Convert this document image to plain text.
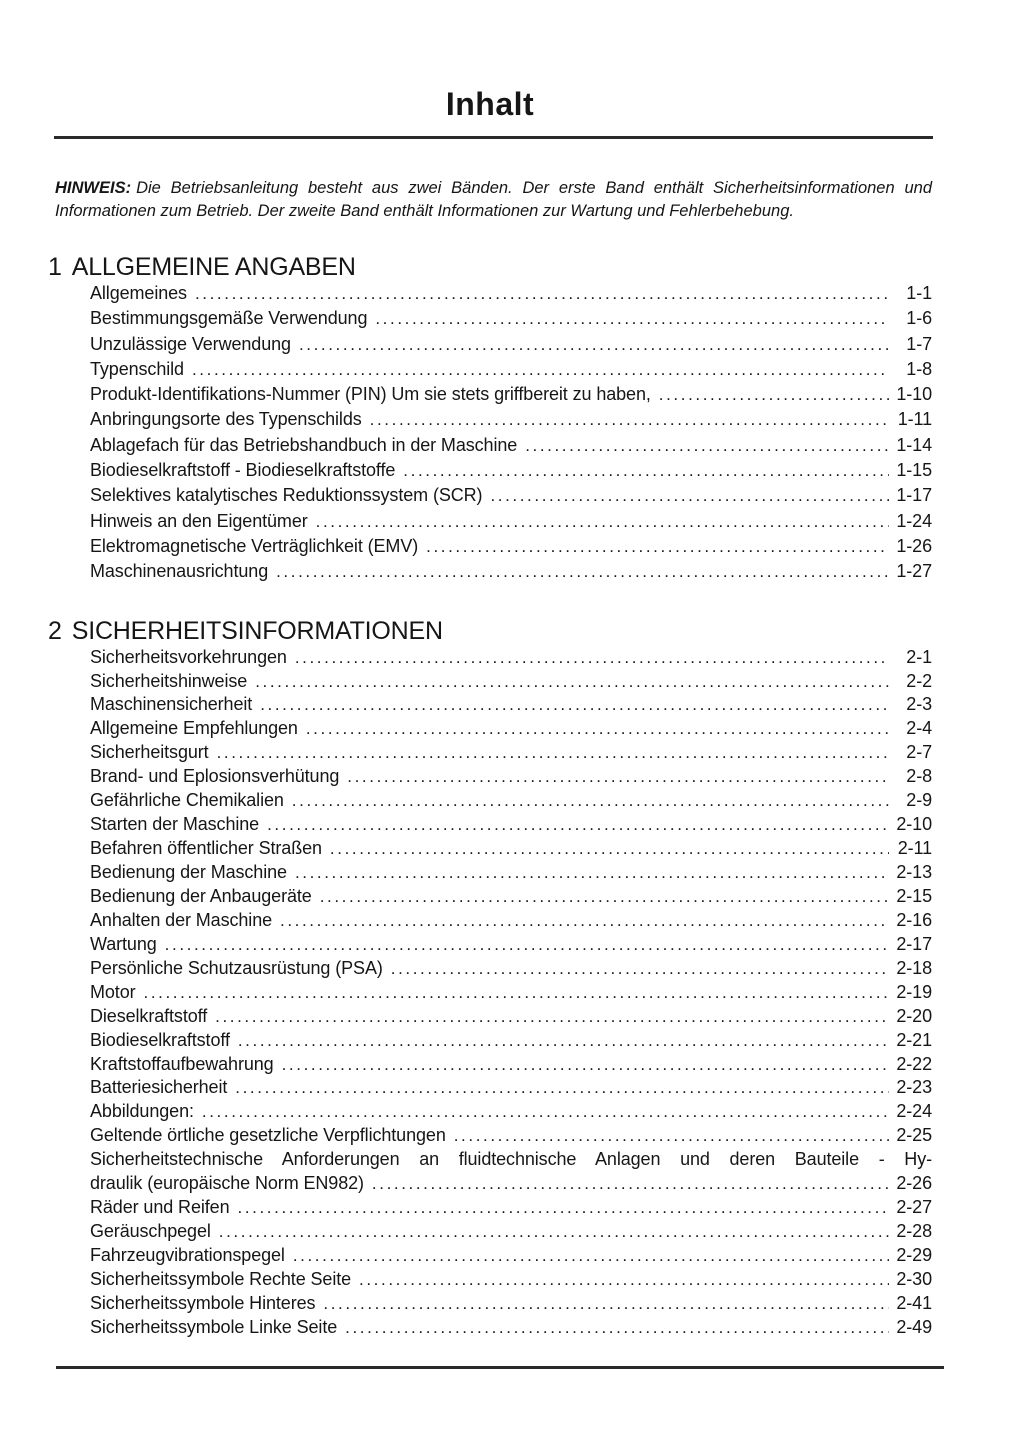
Inhalt

HINWEIS: Die Betriebsanleitung besteht aus zwei Bänden. Der erste Band enthält Sicherheitsinformationen und Informationen zum Betrieb. Der zweite Band enthält Informationen zur Wartung und Fehlerbehebung.

1 ALLGEMEINE ANGABEN
Allgemeines .....	1-1
Bestimmungsgemäße Verwendung .....	1-6
Unzulässige Verwendung .....	1-7
Typenschild .....	1-8
Produkt-Identifikations-Nummer (PIN) Um sie stets griffbereit zu haben, .....	1-10
Anbringungsorte des Typenschilds .....	1-11
Ablagefach für das Betriebshandbuch in der Maschine .....	1-14
Biodieselkraftstoff - Biodieselkraftstoffe .....	1-15
Selektives katalytisches Reduktionssystem (SCR) .....	1-17
Hinweis an den Eigentümer .....	1-24
Elektromagnetische Verträglichkeit (EMV) .....	1-26
Maschinenausrichtung .....	1-27
2 SICHERHEITSINFORMATIONEN
Sicherheitsvorkehrungen .....	2-1
Sicherheitshinweise .....	2-2
Maschinensicherheit .....	2-3
Allgemeine Empfehlungen .....	2-4
Sicherheitsgurt .....	2-7
Brand- und Eplosionsverhütung .....	2-8
Gefährliche Chemikalien .....	2-9
Starten der Maschine .....	2-10
Befahren öffentlicher Straßen .....	2-11
Bedienung der Maschine .....	2-13
Bedienung der Anbaugeräte .....	2-15
Anhalten der Maschine .....	2-16
Wartung .....	2-17
Persönliche Schutzausrüstung (PSA) .....	2-18
Motor .....	2-19
Dieselkraftstoff .....	2-20
Biodieselkraftstoff .....	2-21
Kraftstoffaufbewahrung .....	2-22
Batteriesicherheit .....	2-23
Abbildungen: .....	2-24
Geltende örtliche gesetzliche Verpflichtungen .....	2-25
Sicherheitstechnische Anforderungen an fluidtechnische Anlagen und deren Bauteile - Hy-
draulik (europäische Norm EN982) .....	2-26
Räder und Reifen .....	2-27
Geräuschpegel .....	2-28
Fahrzeugvibrationspegel .....	2-29
Sicherheitssymbole Rechte Seite .....	2-30
Sicherheitssymbole Hinteres .....	2-41
Sicherheitssymbole Linke Seite .....	2-49
